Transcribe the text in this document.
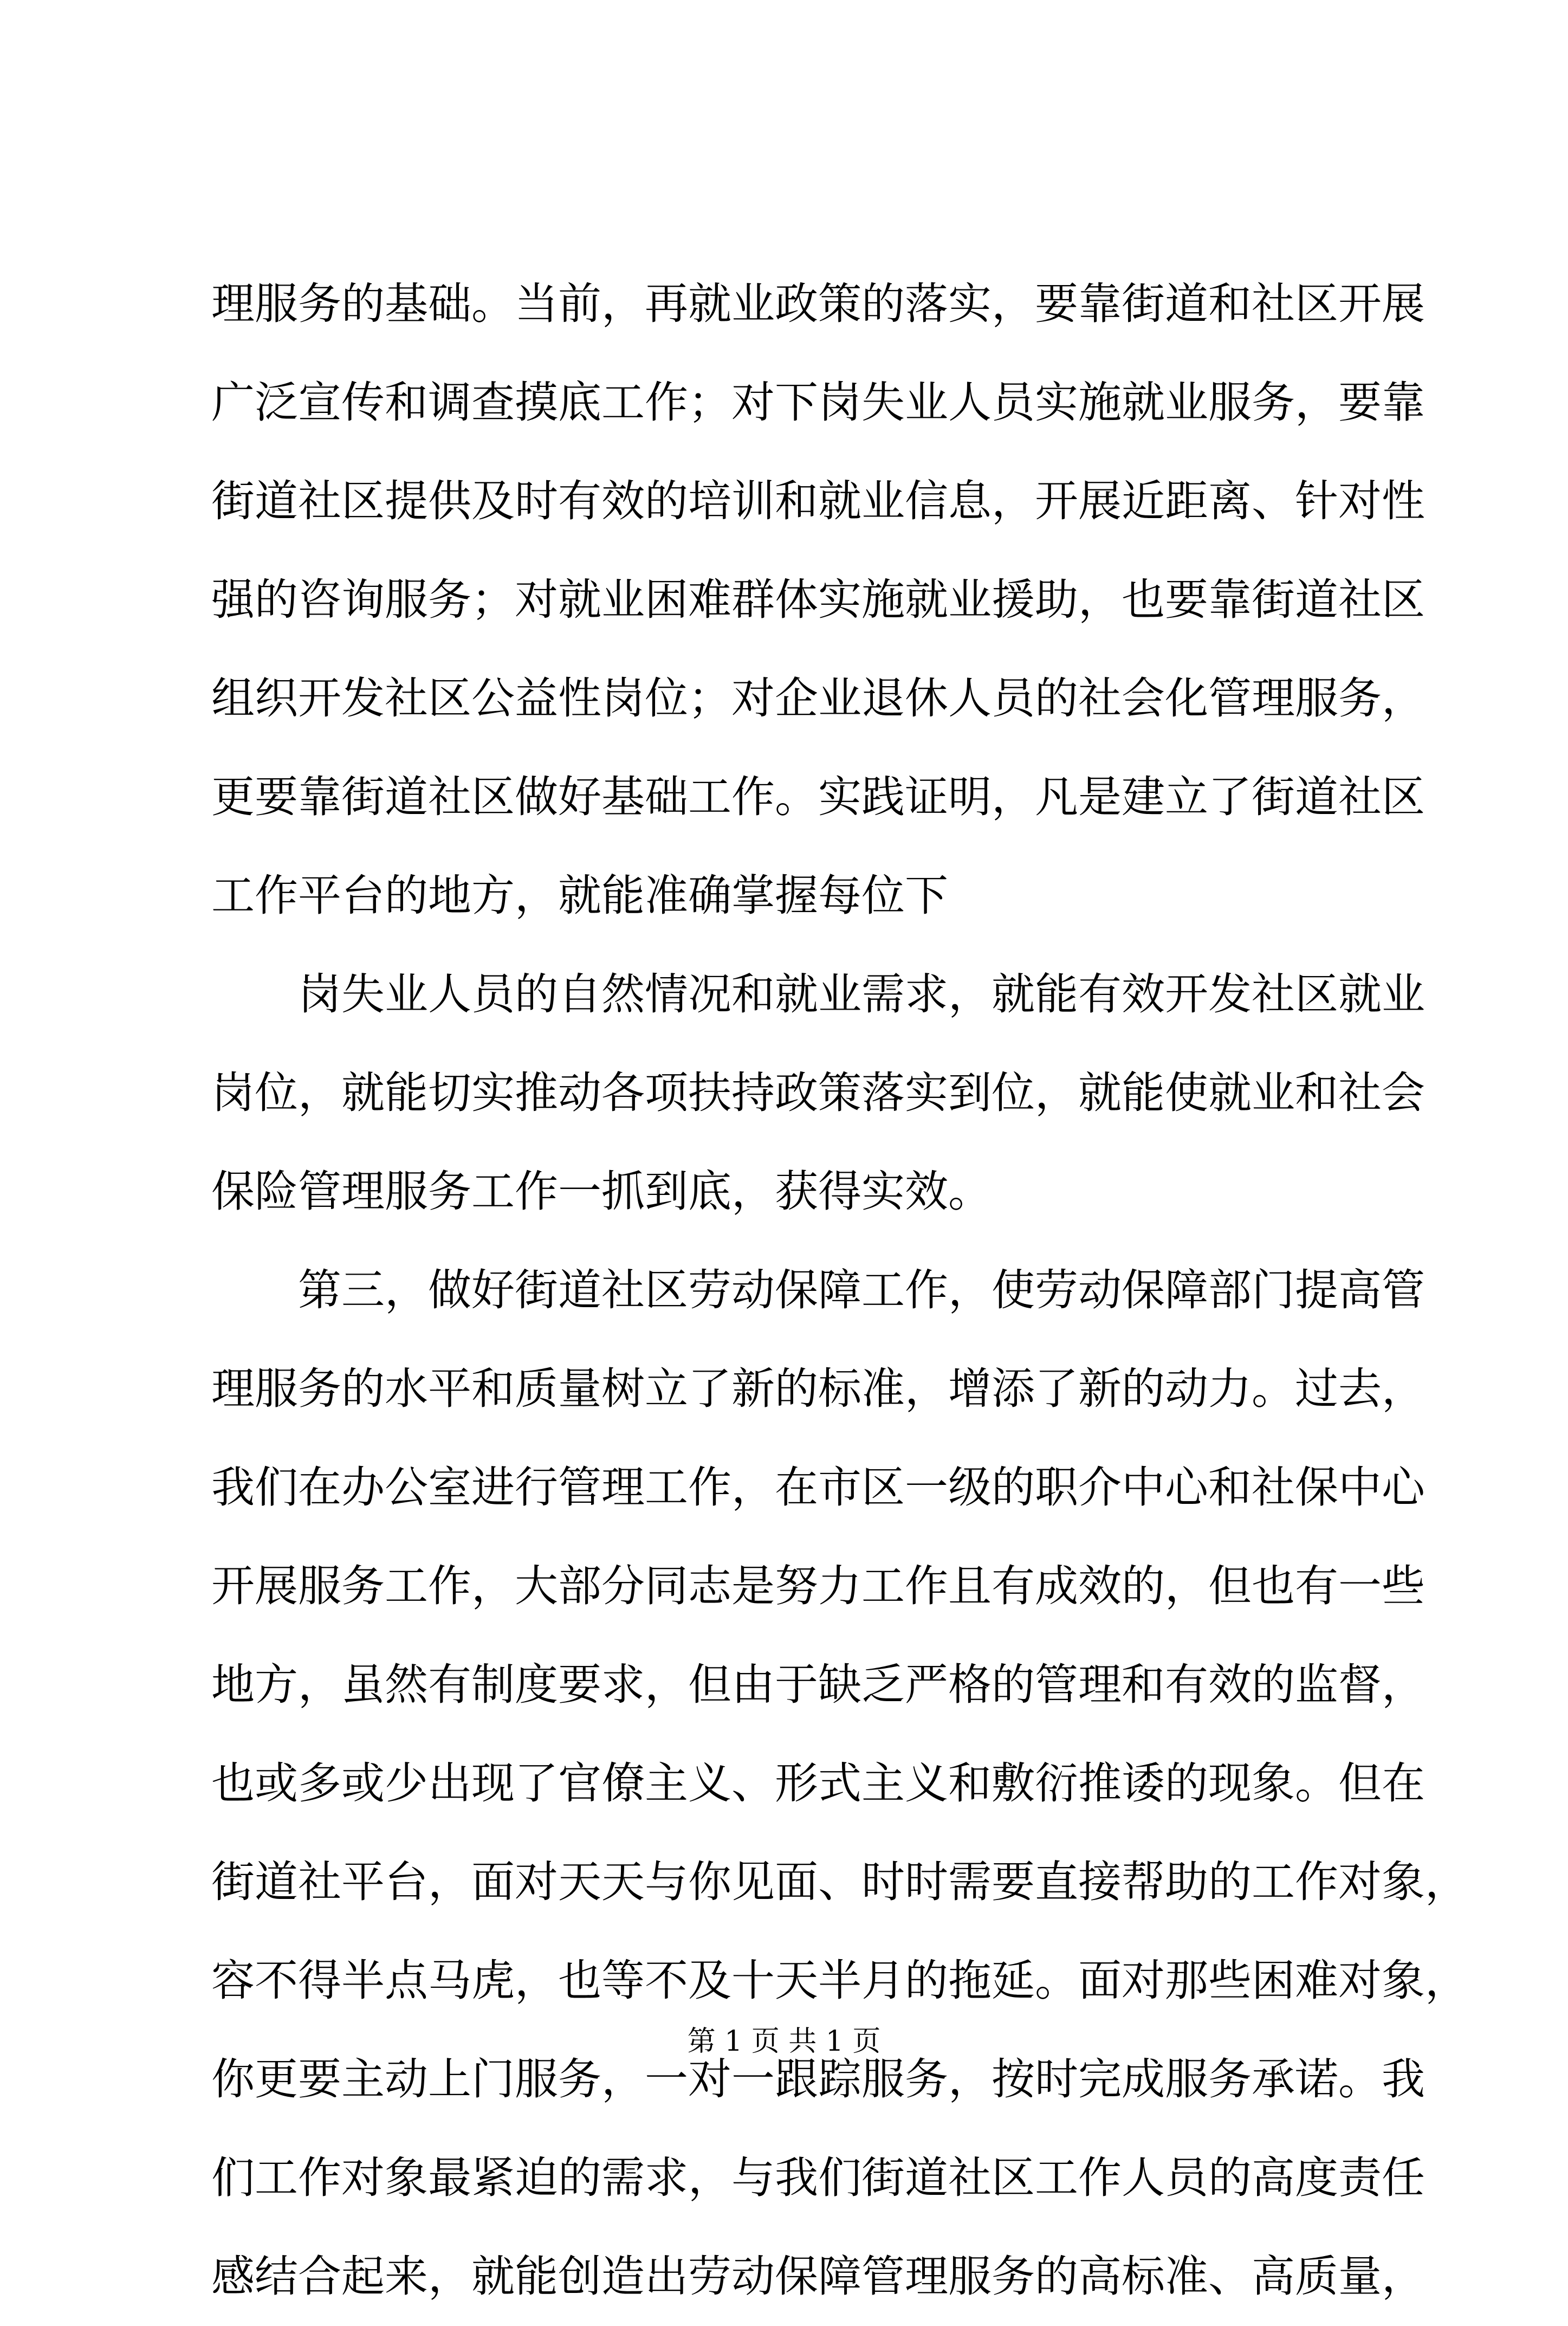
理服务的基础。当前，再就业政策的落实，要靠街道和社区开展
广泛宣传和调查摸底工作；对下岗失业人员实施就业服务，要靠
街道社区提供及时有效的培训和就业信息，开展近距离、针对性
强的咨询服务；对就业困难群体实施就业援助，也要靠街道社区
组织开发社区公益性岗位；对企业退休人员的社会化管理服务，
更要靠街道社区做好基础工作。实践证明，凡是建立了街道社区
工作平台的地方，就能准确掌握每位下
岗失业人员的自然情况和就业需求，就能有效开发社区就业
岗位，就能切实推动各项扶持政策落实到位，就能使就业和社会
保险管理服务工作一抓到底，获得实效。
第三，做好街道社区劳动保障工作，使劳动保障部门提高管
理服务的水平和质量树立了新的标准，增添了新的动力。过去，
我们在办公室进行管理工作，在市区一级的职介中心和社保中心
开展服务工作，大部分同志是努力工作且有成效的，但也有一些
地方，虽然有制度要求，但由于缺乏严格的管理和有效的监督，
也或多或少出现了官僚主义、形式主义和敷衍推诿的现象。但在
街道社平台，面对天天与你见面、时时需要直接帮助的工作对象，
容不得半点马虎，也等不及十天半月的拖延。面对那些困难对象，
你更要主动上门服务，一对一跟踪服务，按时完成服务承诺。我
们工作对象最紧迫的需求，与我们街道社区工作人员的高度责任
感结合起来，就能创造出劳动保障管理服务的高标准、高质量，
第 1 页 共 1 页
